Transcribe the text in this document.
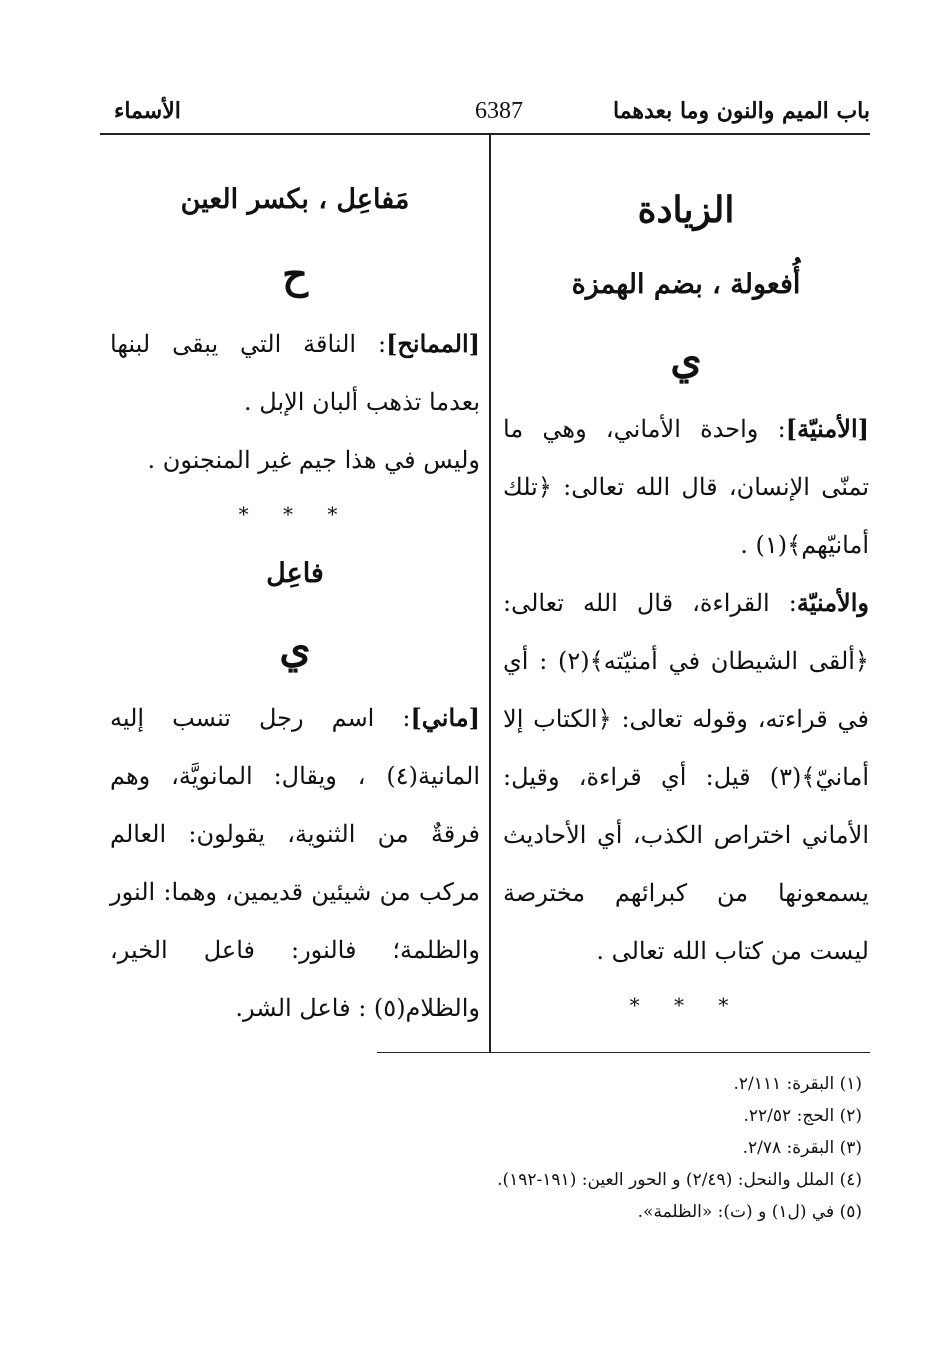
باب الميم والنون وما بعدهما
6387
الأسماء
الزيادة
أُفعولة ، بضم الهمزة
ي

[الأمنيّة]: واحدة الأماني، وهي ما تمنّى الإنسان، قال الله تعالى: ﴿تلك أمانيّهم﴾(١) .

والأمنيّة: القراءة، قال الله تعالى: ﴿ألقى الشيطان في أمنيّته﴾(٢) : أي في قراءته، وقوله تعالى: ﴿الكتاب إلا أمانيّ﴾(٣) قيل: أي قراءة، وقيل: الأماني اختراص الكذب، أي الأحاديث يسمعونها من كبرائهم مخترصة ليست من كتاب الله تعالى .

* * *
مَفاعِل ، بكسر العين
ح

[الممانح]: الناقة التي يبقى لبنها بعدما تذهب ألبان الإبل .

وليس في هذا جيم غير المنجنون .

* * *
فاعِل
ي

[ماني]: اسم رجل تنسب إليه المانية(٤) ، ويقال: المانويَّة، وهم فرقةٌ من الثنوية، يقولون: العالم مركب من شيئين قديمين، وهما: النور والظلمة؛ فالنور: فاعل الخير، والظلام(٥) : فاعل الشر.

(١) البقرة: ٢/١١١.

(٢) الحج: ٢٢/٥٢.

(٣) البقرة: ٢/٧٨.

(٤) الملل والنحل: (٢/٤٩) و الحور العين: (١٩١-١٩٢).

(٥) في (ل١) و (ت): «الظلمة».
